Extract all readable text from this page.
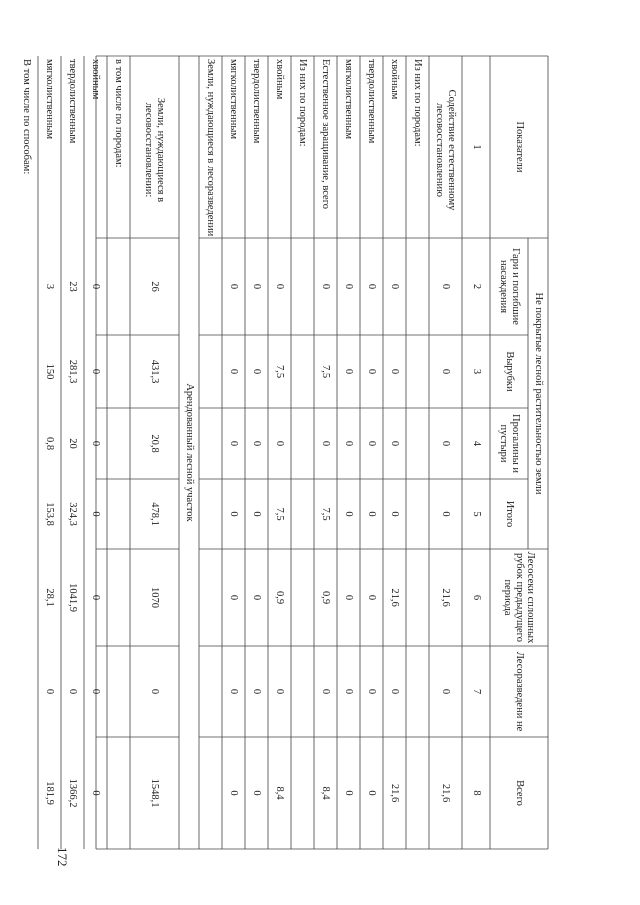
Показатели
Не покрытые лесной растительностью земли
Гари и погибшие насаждения
Вырубки
Прогалины и пустыри
Итого
Лесосеки сплошных рубок предыдущего периода
Лесоразведени не
Всего
1
2
3
4
5
6
7
8
Содействие естественному лесовосстановлению
0
0
0
0
21,6
0
21,6
Из них по породам:
хвойным
0
0
0
0
21,6
0
21,6
твердолиственным
0
0
0
0
0
0
0
мягколиственным
0
0
0
0
0
0
0
Естественное заращивание, всего
0
7,5
0
7,5
0,9
0
8,4
Из них по породам:
хвойным
0
7,5
0
7,5
0,9
0
8,4
твердолиственным
0
0
0
0
0
0
0
мягколиственным
0
0
0
0
0
0
0
Земли, нуждающиеся в лесоразведении
Арендованный лесной участок
Земли, нуждающиеся в лесовосстановлении:
26
431,3
20,8
478,1
1070
0
1548,1
в том числе по породам:
хвойным
0
0
0
0
0
0
0
твердолиственным
23
281,3
20
324,3
1041,9
0
1366,2
мягколиственным
3
150
0,8
153,8
28,1
0
181,9
В том числе по способам:
172
